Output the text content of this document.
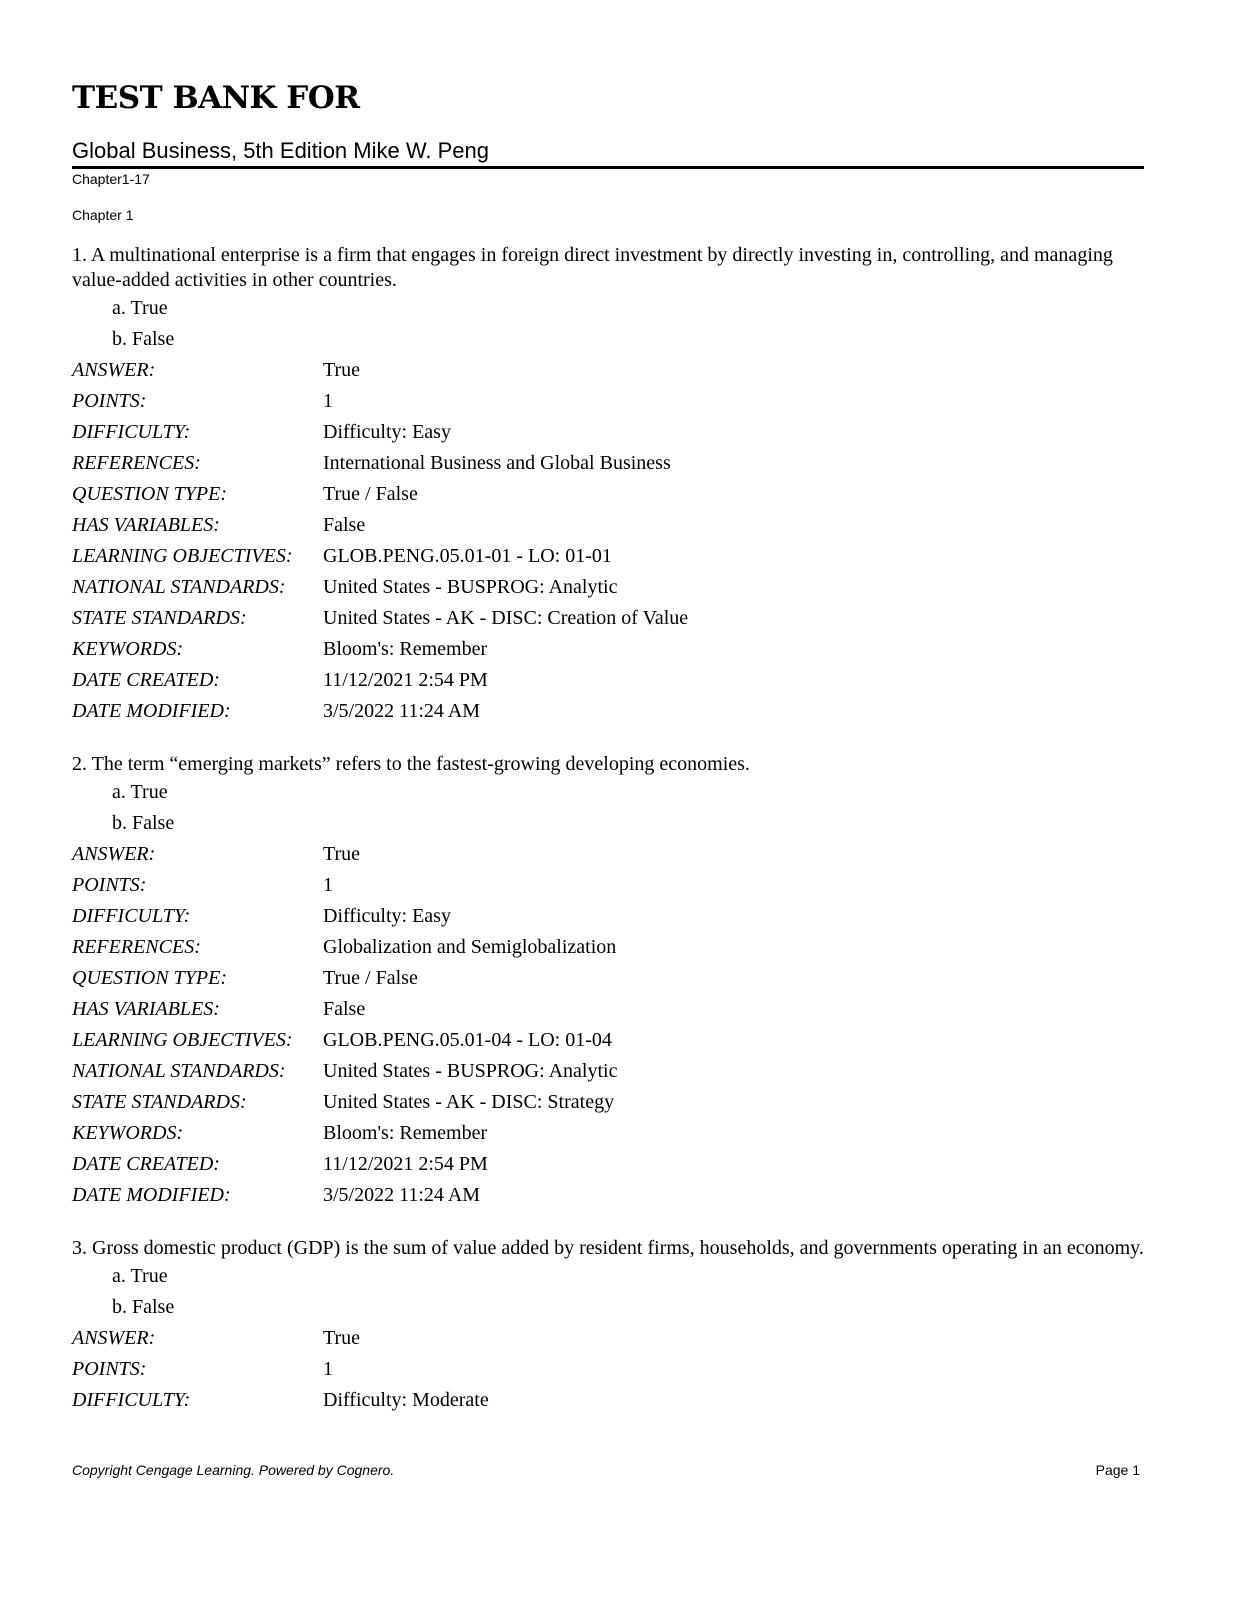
TEST BANK FOR
Global Business, 5th Edition Mike W. Peng
Chapter1-17
Chapter 1

1. A multinational enterprise is a firm that engages in foreign direct investment by directly investing in, controlling, and managing value-added activities in other countries.

a. True
b. False
ANSWER:	True
POINTS:	1
DIFFICULTY:	Difficulty: Easy
REFERENCES:	International Business and Global Business
QUESTION TYPE:	True / False
HAS VARIABLES:	False
LEARNING OBJECTIVES:	GLOB.PENG.05.01-01 - LO: 01-01
NATIONAL STANDARDS:	United States - BUSPROG: Analytic
STATE STANDARDS:	United States - AK - DISC: Creation of Value
KEYWORDS:	Bloom's: Remember
DATE CREATED:	11/12/2021 2:54 PM
DATE MODIFIED:	3/5/2022 11:24 AM

2. The term “emerging markets” refers to the fastest-growing developing economies.

a. True
b. False
ANSWER:	True
POINTS:	1
DIFFICULTY:	Difficulty: Easy
REFERENCES:	Globalization and Semiglobalization
QUESTION TYPE:	True / False
HAS VARIABLES:	False
LEARNING OBJECTIVES:	GLOB.PENG.05.01-04 - LO: 01-04
NATIONAL STANDARDS:	United States - BUSPROG: Analytic
STATE STANDARDS:	United States - AK - DISC: Strategy
KEYWORDS:	Bloom's: Remember
DATE CREATED:	11/12/2021 2:54 PM
DATE MODIFIED:	3/5/2022 11:24 AM

3. Gross domestic product (GDP) is the sum of value added by resident firms, households, and governments operating in an economy.

a. True
b. False
ANSWER:	True
POINTS:	1
DIFFICULTY:	Difficulty: Moderate
Copyright Cengage Learning. Powered by Cognero.	Page 1
